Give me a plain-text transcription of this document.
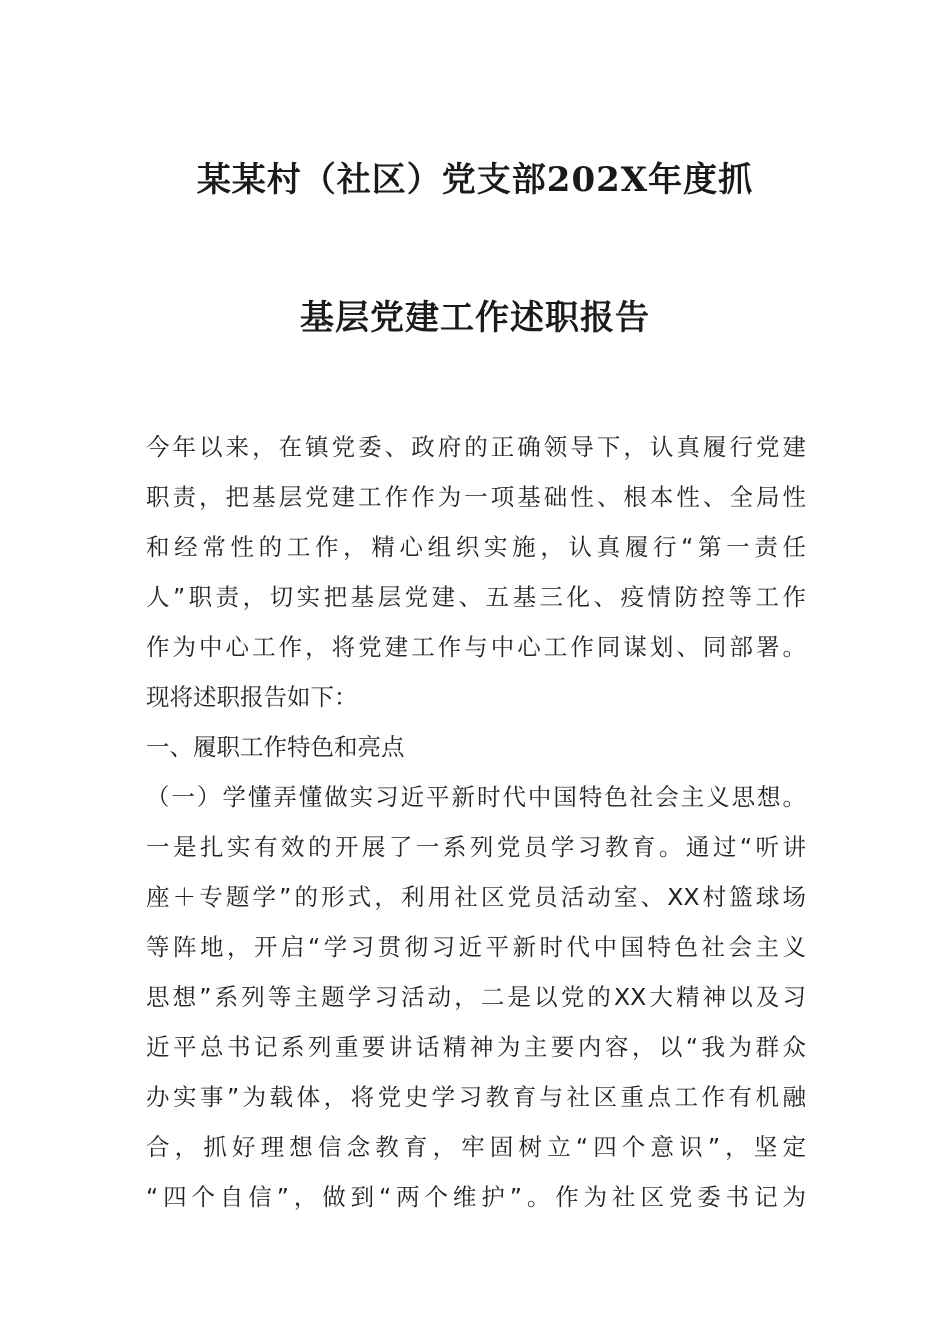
某某村（社区）党支部202X年度抓
基层党建工作述职报告
今年以来，在镇党委、政府的正确领导下，认真履行党建
职责，把基层党建工作作为一项基础性、根本性、全局性
和经常性的工作，精心组织实施，认真履行“第一责任
人”职责，切实把基层党建、五基三化、疫情防控等工作
作为中心工作，将党建工作与中心工作同谋划、同部署。
现将述职报告如下：
一、履职工作特色和亮点
（一）学懂弄懂做实习近平新时代中国特色社会主义思想。
一是扎实有效的开展了一系列党员学习教育。通过“听讲
座＋专题学”的形式，利用社区党员活动室、XX村篮球场
等阵地，开启“学习贯彻习近平新时代中国特色社会主义
思想”系列等主题学习活动，二是以党的XX大精神以及习
近平总书记系列重要讲话精神为主要内容，以“我为群众
办实事”为载体，将党史学习教育与社区重点工作有机融
合，抓好理想信念教育，牢固树立“四个意识”，坚定
“四个自信”，做到“两个维护”。作为社区党委书记为
